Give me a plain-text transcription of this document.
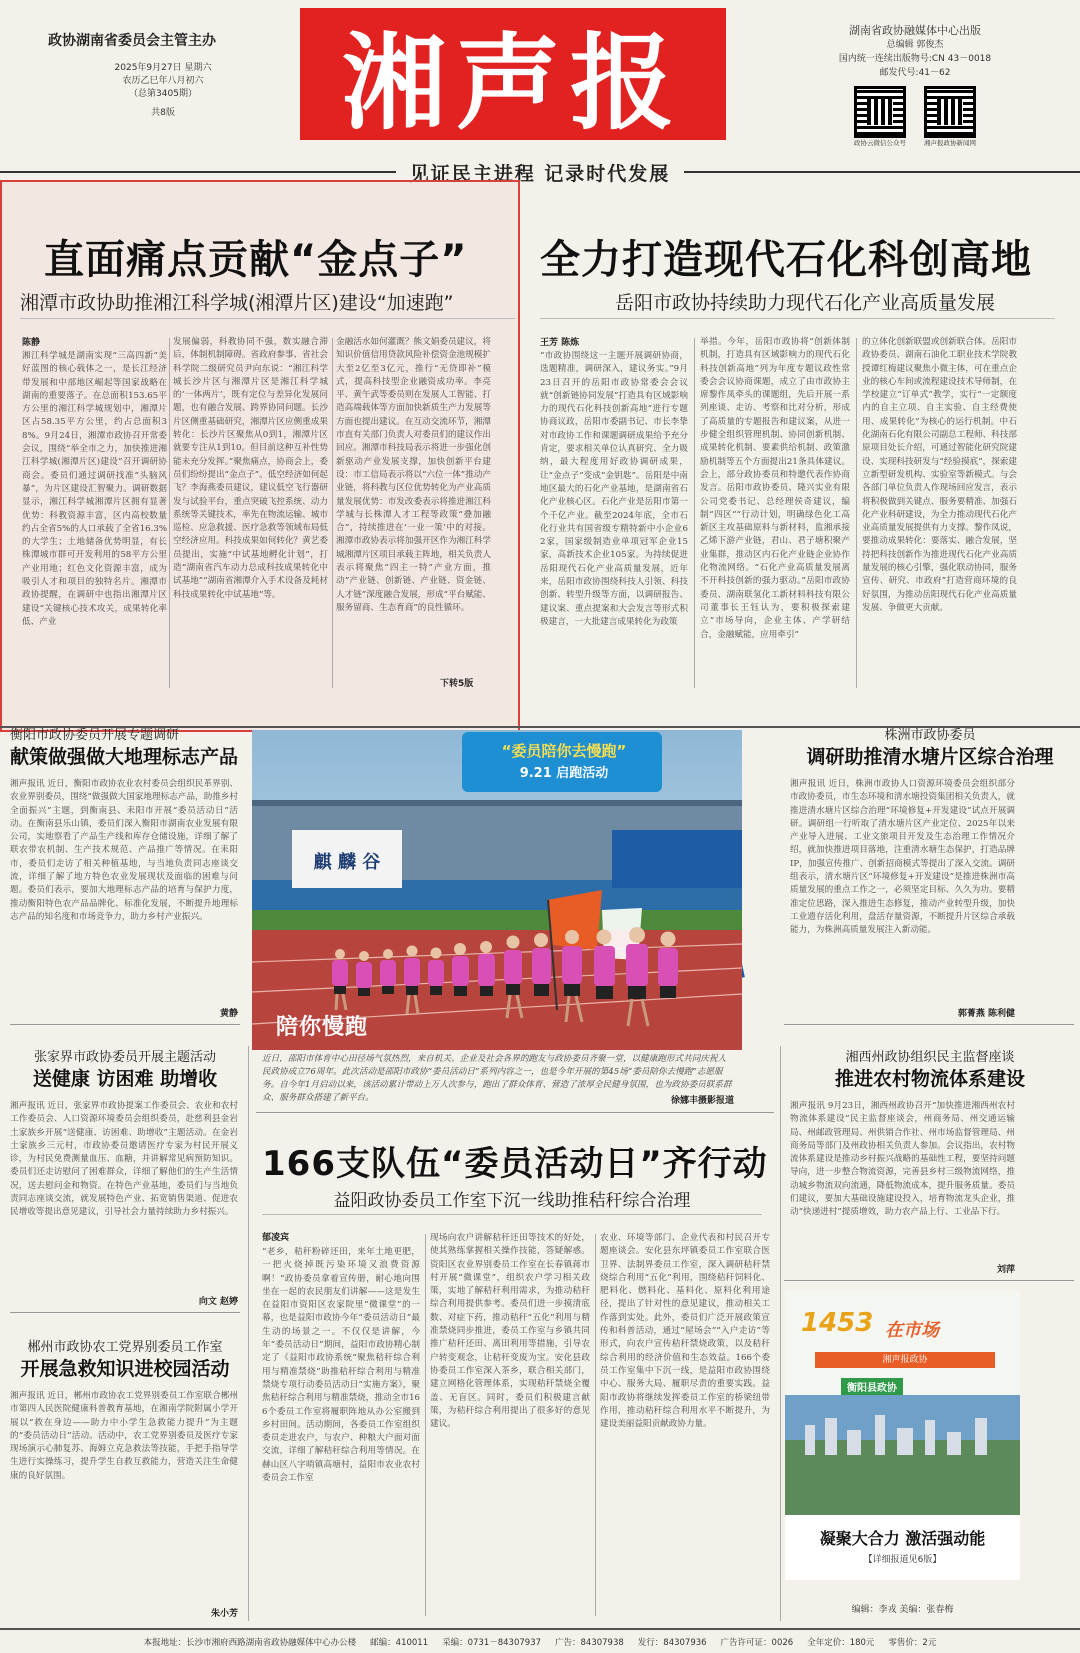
政协湖南省委员会主管主办
2025年9月27日 星期六
农历乙巳年八月初六
（总第3405期）
共8版	湘声报	湖南省政协融媒体中心出版
总编辑 郭俊杰
国内统一连续出版物号:CN 43－0018
邮发代号:41－62
政协云微信公众号	湘声报政协新闻网
见证民主进程 记录时代发展
直面痛点贡献“金点子”
湘潭市政协助推湘江科学城(湘潭片区)建设“加速跑”
陈静
湘江科学城是湖南实现“三高四新”美好蓝图的核心载体之一，是长江经济带发展和中部地区崛起等国家战略在湖南的重要落子。在总面积153.65平方公里的湘江科学城规划中，湘潭片区占58.35平方公里，约占总面积38%。9月24日，湘潭市政协召开常委会议，围绕“举全市之力，加快推进湘江科学城(湘潭片区)建设”召开调研协商会。委员们通过调研找准“头脑风暴”，为片区建设汇智聚力。调研数据显示，湘江科学城湘潭片区拥有显著优势：科教资源丰富，区内高校数量约占全省5%的人口承载了全省16.3%的大学生；土地储备优势明显，有长株潭城市群可开发利用的58平方公里产业用地；红色文化资源丰富，成为吸引人才和项目的独特名片。湘潭市政协提醒，在调研中也指出湘潭片区建设“关键核心技术攻关，成果转化率低、产业
发展偏弱，科教协同不强，数实融合滞后，体制机制障碍。省政府参事、省社会科学院二级研究员尹向东说：“湘江科学城长沙片区与湘潭片区是湘江科学城的‘一体两片’，既有定位与差异化发展问题，也有融合发展、跨界协同问题。长沙片区侧重基础研究，湘潭片区应侧重成果转化：长沙片区聚焦从0到1，湘潭片区就要专注从1到10。但目前这种互补性势能未充分发挥。”聚焦痛点，协商会上，委员们纷纷提出“金点子”。低空经济如何起飞？李海燕委员建议，建议低空飞行器研发与试验平台，重点突破飞控系统、动力系统等关键技术，率先在物流运输、城市巡检、应急救援、医疗急救等领域布局低空经济应用。科技成果如何转化？黄艺委员提出，实施“中试基地孵化计划”，打造“湖南省汽车动力总成科技成果转化中试基地”“湖南省湘潭介入手术设备及耗材科技成果转化中试基地”等。
金融活水如何灌溉？熊文娟委员建议，将知识价值信用贷款风险补偿资金池规模扩大至2亿至3亿元，推行“无贷即补”模式，提高科技型企业融资成功率。李亮平、黄午武等委员则在发展人工智能、打造高端载体等方面加快新质生产力发展等方面也提出建议。在互动交流环节，湘潭市直有关部门负责人对委员们的建议作出回应。湘潭市科技局表示将进一步强化创新驱动产业发展支撑，加快创新平台建设：市工信局表示将以“六位一体”推动产业链，将科教与区位优势转化为产业高质量发展优势：市发改委表示将推进湘江科学城与长株潭人才工程等政策“叠加融合”，持续推进在‘一业一策’中的对接。湘潭市政协表示将加强开区作为湘江科学城湘潭片区项目承载主阵地，相关负责人表示将聚焦“四主一特”产业方面，推动“产业链、创新链、产业链、资金链、人才链”深度融合发展，形成“平台赋能、服务留商、生态育商”的良性循环。
下转5版
全力打造现代石化科创高地
岳阳市政协持续助力现代石化产业高质量发展
王芳 陈炼
“市政协围绕这一主题开展调研协商，选题精准，调研深入，建议务实。”9月23日召开的岳阳市政协常委会会议就“创新链协同发展”打造具有区域影响力的现代石化科技创新高地”进行专题协商议政，岳阳市委副书记、市长李挚对市政协工作和课题调研成果给予充分肯定，要求相关单位认真研究、全力吸纳，最大程度用好政协调研成果，让“金点子”变成“金钥匙”。岳阳是中南地区最大的石化产业基地，是湖南省石化产业核心区。石化产业是岳阳市第一个千亿产业。截至2024年底，全市石化行业共有国省级专精特新中小企业62家，国家级制造业单项冠军企业15家，高新技术企业105家。为持续促进岳阳现代石化产业高质量发展，近年来，岳阳市政协围绕科技人引领、科技创新、转型升级等方面，以调研报告、建议案、重点提案和大会发言等形式积极建言，一大批建言成果转化为政策
举措。今年，岳阳市政协将“创新体制机制，打造具有区域影响力的现代石化科技创新高地”列为年度专题议政性常委会会议协商课题，成立了由市政协主席黎作凤牵头的课题组，先后开展一系列座谈、走访、考察和比对分析，形成了高质量的专题报告和建议案，从进一步健全组织管理机制、协同创新机制、成果转化机制、要素供给机制、政策激励机制等五个方面提出21条具体建议。会上，部分政协委员和特邀代表作协商发言。岳阳市政协委员、隆兴实业有限公司党委书记、总经理侯奇建议，编制“四区”“行动计划，明确绿色化工高新区主攻基础原料与新材料，监湘承接乙烯下游产业链，君山、君子塘积聚产业集群，推动区内石化产业链企业协作化物流网络。“石化产业高质量发展离不开科技创新的强力驱动。”岳阳市政协委员、湖南联氢化工新材料科技有限公司董事长王钰认为，要积极探索建立“市场导向，企业主体、产学研结合，金融赋能，应用牵引”
的立体化创新联盟或创新联合体。岳阳市政协委员、湖南石油化工职业技术学院教授谭红梅建议聚焦小微主体，可在重点企业的核心车间或流程建设技术导师制，在学校建立“订单式”教学，实行“一定额度内的自主立项、自主实验、自主经费使用、成果转化”为核心的运行机制。中石化湖南石化有限公司副总工程师、科技部原项目处长介绍，可通过智能化研究院建设、实现科技研发与“经验摸底”，探索建立新型研发机构、实验室等新模式。与会各部门单位负责人作现场回应发言，表示将积极做到关键点、服务要精准、加强石化产业科研建设，为全力推动现代石化产业高质量发展提供有力支撑。黎作凤说，要推动成果转化：要落实、融合发展，坚持把科技创新作为推进现代石化产业高质量发展的核心引擎，强化联动协同，服务宣传、研究、市政府”打造营商环境的良好氛围，为推动岳阳现代石化产业高质量发展、争做更大贡献。
衡阳市政协委员开展专题调研
献策做强做大地理标志产品
湘声报讯 近日，衡阳市政协农业农村委员会组织民革界别、农业界别委员，围绕“做强做大国家地理标志产品，助推乡村全面振兴”主题，到衡南县、耒阳市开展“委员活动日”活动。在衡南县乐山镇，委员们深入衡阳市湖南农业发展有限公司，实地察看了产品生产线和库存仓储设施，详细了解了联农带农机制、生产技术规范、产品推广等情况。在耒阳市，委员们走访了相关种植基地，与当地负责同志座谈交流，详细了解了地方特色农业发展现状及面临的困难与问题。委员们表示，要加大地理标志产品的培育与保护力度，推动衡阳特色农产品品牌化、标准化发展，不断提升地理标志产品的知名度和市场竞争力，助力乡村产业振兴。
黄静
“委员陪你去慢跑”
9.21 启跑活动
麒 麟 谷
陪你慢跑
近日，邵阳市体育中心田径场气氛热烈，来自机关、企业及社会各界的跑友与政协委员齐聚一堂，以健康跑形式共同庆祝人民政协成立76周年。此次活动是邵阳市政协“委员活动日”系列内容之一，也是今年开展的第45场“委员陪你去慢跑”志愿服务。自今年1月启动以来，该活动累计带动上万人次参与，跑出了群众体育、营造了浓厚全民健身氛围，也为政协委员联系群众、服务群众搭建了新平台。	徐娜丰摄影报道
株洲市政协委员
调研助推清水塘片区综合治理
湘声报讯 近日，株洲市政协人口资源环境委员会组织部分市政协委员，市生态环境和清水塘投资集团相关负责人，就推进清水塘片区综合治理“环境修复+开发建设”试点开展调研。调研组一行听取了清水塘片区产业定位、2025年以来产业导入进展、工业文旅项目开发及生态治理工作情况介绍，就加快推进项目落地，注重清水塘生态保护，打造品牌IP，加强宣传推广、创新招商模式等提出了深入交流。调研组表示，清水塘片区“环境修复+开发建设”是推进株洲市高质量发展的重点工作之一，必须坚定目标、久久为功。要精准定位思路，深入推进生态修复，推动产业转型升级，加快工业遗存活化利用，盘活存量资源，不断提升片区综合承载能力，为株洲高质量发展注入新动能。
郭菁燕 陈利健
张家界市政协委员开展主题活动
送健康 访困难 助增收
湘声报讯 近日，张家界市政协提案工作委员会、农业和农村工作委员会、人口资源环境委员会组织委员，赴慈利县金岩土家族乡开展“送健康、访困难、助增收”主题活动。在金岩土家族乡三元村，市政协委员邀请医疗专家为村民开展义诊，为村民免费测量血压、血糖，并讲解常见病预防知识。委员们还走访慰问了困难群众，详细了解他们的生产生活情况，送去慰问金和物资。在特色产业基地，委员们与当地负责同志座谈交流，就发展特色产业、拓宽销售渠道、促进农民增收等提出意见建议，引导社会力量持续助力乡村振兴。
向文 赵婷
郴州市政协农工党界别委员工作室
开展急救知识进校园活动
湘声报讯 近日，郴州市政协农工党界别委员工作室联合郴州市第四人民医院健康科普教育基地，在湘南学院附属小学开展以“救在身边——助力中小学生急救能力提升”为主题的“委员活动日”活动。活动中，农工党界别委员及医疗专家现场演示心肺复苏、海姆立克急救法等技能，手把手指导学生进行实操练习，提升学生自救互救能力，营造关注生命健康的良好氛围。
朱小芳
166支队伍“委员活动日”齐行动
益阳政协委员工作室下沉一线助推秸秆综合治理
郁凌宾
“老乡，秸秆粉碎还田，来年土地更肥，一把火烧掉既污染环境又浪费资源啊！”政协委员拿着宣传册，耐心地向围坐在一起的农民朋友们讲解——这是发生在益阳市资阳区农家院里“微课堂”的一幕，也是益阳市政协今年“委员活动日”最生动的场景之一。不仅仅是讲解，今年“委员活动日”期间，益阳市政协精心制定了《益阳市政协系统“聚焦秸秆综合利用与精准禁烧”助推秸秆综合利用与精准禁烧专项行动委员活动日”实施方案》，聚焦秸秆综合利用与精准禁烧，推动全市166个委员工作室将履职阵地从办公室搬到乡村田间。活动期间，各委员工作室组织委员走进农户，与农户、种粮大户面对面交流，详细了解秸秆综合利用等情况。在赫山区八字哨镇高塘村，益阳市农业农村委员会工作室
现场向农户讲解秸秆还田等技术的好处，使其熟练掌握相关操作技能，答疑解惑。资阳区农业界别委员工作室在长春镇蒋市村开展“微课堂”，组织农户学习相关政策，实地了解秸秆利用需求，为推动秸秆综合利用提供参考。委员们进一步摸清底数、对症下药，推动秸秆“五化”利用与精准禁烧同步推进，委员工作室与乡镇共同推广秸秆还田、离田利用等措施，引导农户转变观念，让秸秆变废为宝。安化县政协委员工作室深入茶乡，联合相关部门，建立网格化管理体系，实现秸秆禁烧全覆盖、无盲区。同时，委员们积极建言献策，为秸秆综合利用提出了很多好的意见建议。
农业、环境等部门、企业代表和村民召开专题座谈会。安化县东坪镇委员工作室联合医卫界、法制界委员工作室，深入调研秸秆禁烧综合利用“五化”利用，围绕秸秆饲料化、肥料化、燃料化、基料化、原料化利用途径，提出了针对性的意见建议，推动相关工作落到实处。此外，委员们广泛开展政策宣传和科普活动，通过“屋场会”“入户走访”等形式，向农户宣传秸秆禁烧政策，以及秸秆综合利用的经济价值和生态效益。166个委员工作室集中下沉一线，是益阳市政协围绕中心、服务大局、履职尽责的重要实践。益阳市政协将继续发挥委员工作室的桥梁纽带作用，推动秸秆综合利用水平不断提升，为建设美丽益阳贡献政协力量。
湘西州政协组织民主监督座谈
推进农村物流体系建设
湘声报讯 9月23日，湘西州政协召开“加快推进湘西州农村物流体系建设”民主监督座谈会，州商务局、州交通运输局、州邮政管理局、州供销合作社、州市场监督管理局、州商务局等部门及州政协相关负责人参加。会议指出，农村物流体系建设是推动乡村振兴战略的基础性工程，要坚持问题导向，进一步整合物流资源，完善县乡村三级物流网络，推动城乡物流双向流通，降低物流成本，提升服务质量。委员们建议，要加大基础设施建设投入，培育物流龙头企业，推动“快递进村”提质增效，助力农产品上行、工业品下行。
刘萍
1453 在市场
湘声报政协
衡阳县政协
凝聚大合力 激活强动能
【详细报道见6版】
编辑：李戎 美编：张春梅
本报地址：长沙市湘府西路湖南省政协融媒体中心办公楼 邮编：410011 采编：0731－84307937 广告：84307938 发行：84307936 广告许可证：0026 全年定价：180元 零售价：2元
